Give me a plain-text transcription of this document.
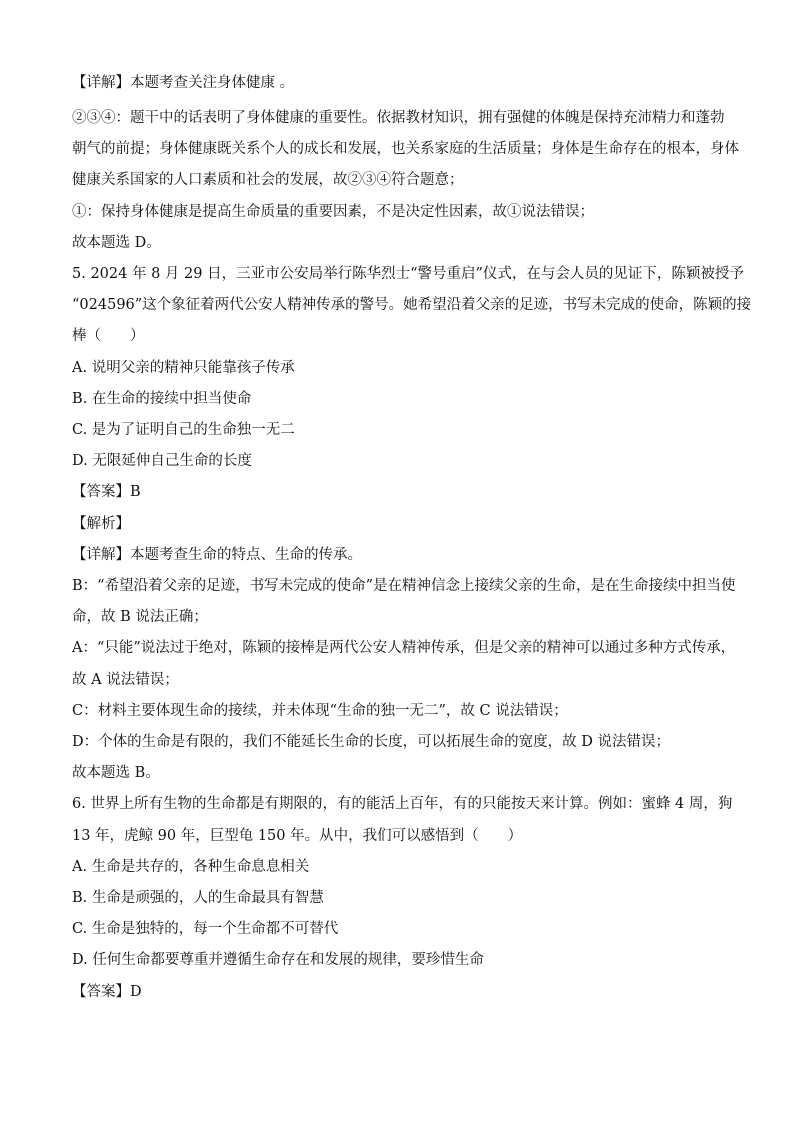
【详解】本题考查关注身体健康 。
②③④：题干中的话表明了身体健康的重要性。依据教材知识，拥有强健的体魄是保持充沛精力和蓬勃
朝气的前提；身体健康既关系个人的成长和发展，也关系家庭的生活质量；身体是生命存在的根本，身体
健康关系国家的人口素质和社会的发展，故②③④符合题意；
①：保持身体健康是提高生命质量的重要因素，不是决定性因素，故①说法错误；
故本题选 D。
5. 2024 年 8 月 29 日，三亚市公安局举行陈华烈士“警号重启”仪式，在与会人员的见证下，陈颖被授予
“024596”这个象征着两代公安人精神传承的警号。她希望沿着父亲的足迹，书写未完成的使命，陈颖的接
棒（　　）
A. 说明父亲的精神只能靠孩子传承
B. 在生命的接续中担当使命
C. 是为了证明自己的生命独一无二
D. 无限延伸自己生命的长度
【答案】B
【解析】
【详解】本题考查生命的特点、生命的传承。
B：“希望沿着父亲的足迹，书写未完成的使命”是在精神信念上接续父亲的生命，是在生命接续中担当使
命，故 B 说法正确；
A：“只能”说法过于绝对，陈颖的接棒是两代公安人精神传承，但是父亲的精神可以通过多种方式传承，
故 A 说法错误；
C：材料主要体现生命的接续，并未体现“生命的独一无二”，故 C 说法错误；
D：个体的生命是有限的，我们不能延长生命的长度，可以拓展生命的宽度，故 D 说法错误；
故本题选 B。
6. 世界上所有生物的生命都是有期限的，有的能活上百年，有的只能按天来计算。例如：蜜蜂 4 周，狗
13 年，虎鲸 90 年，巨型龟 150 年。从中，我们可以感悟到（　　）
A. 生命是共存的，各种生命息息相关
B. 生命是顽强的，人的生命最具有智慧
C. 生命是独特的，每一个生命都不可替代
D. 任何生命都要尊重并遵循生命存在和发展的规律，要珍惜生命
【答案】D
